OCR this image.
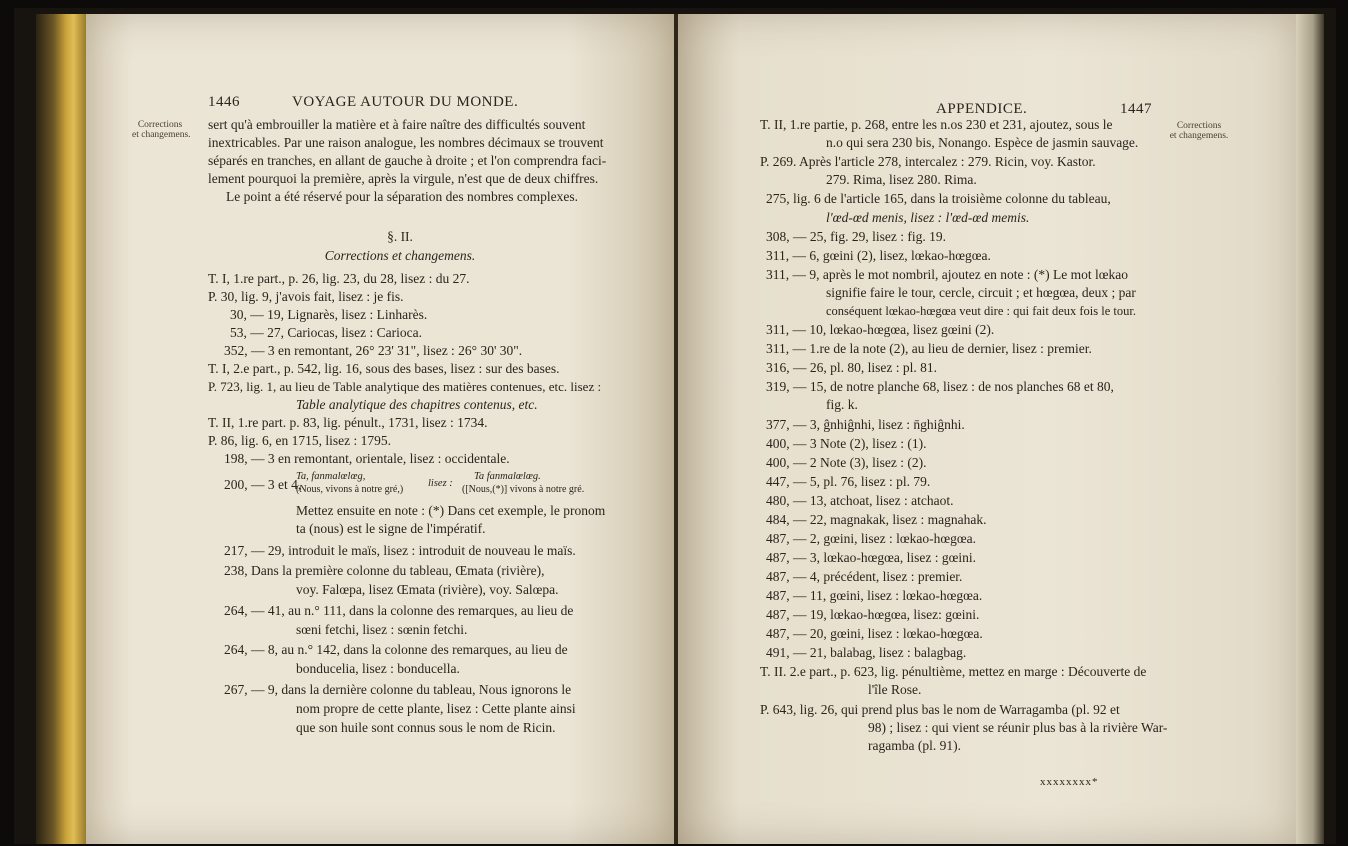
Corrections
et changemens.
1446	VOYAGE AUTOUR DU MONDE.
sert qu'à embrouiller la matière et à faire naître des difficultés souvent
inextricables. Par une raison analogue, les nombres décimaux se trouvent
séparés en tranches, en allant de gauche à droite ; et l'on comprendra faci-
lement pourquoi la première, après la virgule, n'est que de deux chiffres.
Le point a été réservé pour la séparation des nombres complexes.
§. II.
Corrections et changemens.
T. I, 1.re part., p. 26, lig. 23, du 28, lisez : du 27.
P. 30, lig. 9, j'avois fait, lisez : je fis.
30, — 19, Lignarès, lisez : Linharès.
53, — 27, Cariocas, lisez : Carioca.
352, — 3 en remontant, 26° 23' 31", lisez : 26° 30' 30".
T. I, 2.e part., p. 542, lig. 16, sous des bases, lisez : sur des bases.
P. 723, lig. 1, au lieu de Table analytique des matières contenues, etc. lisez :
Table analytique des chapitres contenus, etc.
T. II, 1.re part. p. 83, lig. pénult., 1731, lisez : 1734.
P. 86, lig. 6, en 1715, lisez : 1795.
198, — 3 en remontant, orientale, lisez : occidentale.
200, — 3 et 4,
Ta, fanmalœlœg,
(Nous, vivons à notre gré,)
lisez :
Ta fanmalœlœg.
([Nous,(*)] vivons à notre gré.
Mettez ensuite en note : (*) Dans cet exemple, le pronom
ta (nous) est le signe de l'impératif.
217, — 29, introduit le maïs, lisez : introduit de nouveau le maïs.
238, Dans la première colonne du tableau, Œmata (rivière),
voy. Falœpa, lisez Œmata (rivière), voy. Salœpa.
264, — 41, au n.° 111, dans la colonne des remarques, au lieu de
sœni fetchi, lisez : sœnin fetchi.
264, — 8, au n.° 142, dans la colonne des remarques, au lieu de
bonducelia, lisez : bonducella.
267, — 9, dans la dernière colonne du tableau, Nous ignorons le
nom propre de cette plante, lisez : Cette plante ainsi
que son huile sont connus sous le nom de Ricin.
APPENDICE.	1447
Corrections
et changemens.
T. II, 1.re partie, p. 268, entre les n.os 230 et 231, ajoutez, sous le
n.o qui sera 230 bis, Nonango. Espèce de jasmin sauvage.
P. 269. Après l'article 278, intercalez : 279. Ricin, voy. Kastor.
279. Rima, lisez 280. Rima.
275, lig. 6 de l'article 165, dans la troisième colonne du tableau,
l'œd-œd menis, lisez : l'œd-œd memis.
308, — 25, fig. 29, lisez : fig. 19.
311, — 6, gœini (2), lisez, lœkao-hœgœa.
311, — 9, après le mot nombril, ajoutez en note : (*) Le mot lœkao
signifie faire le tour, cercle, circuit ; et hœgœa, deux ; par
conséquent lœkao-hœgœa veut dire : qui fait deux fois le tour.
311, — 10, lœkao-hœgœa, lisez gœini (2).
311, — 1.re de la note (2), au lieu de dernier, lisez : premier.
316, — 26, pl. 80, lisez : pl. 81.
319, — 15, de notre planche 68, lisez : de nos planches 68 et 80,
fig. k.
377, — 3, ĝnhiĝnhi, lisez : n̄ghiĝnhi.
400, — 3 Note (2), lisez : (1).
400, — 2 Note (3), lisez : (2).
447, — 5, pl. 76, lisez : pl. 79.
480, — 13, atchoat, lisez : atchaot.
484, — 22, magnakak, lisez : magnahak.
487, — 2, gœini, lisez : lœkao-hœgœa.
487, — 3, lœkao-hœgœa, lisez : gœini.
487, — 4, précédent, lisez : premier.
487, — 11, gœini, lisez : lœkao-hœgœa.
487, — 19, lœkao-hœgœa, lisez: gœini.
487, — 20, gœini, lisez : lœkao-hœgœa.
491, — 21, balabag, lisez : balagbag.
T. II. 2.e part., p. 623, lig. pénultième, mettez en marge : Découverte de
l'île Rose.
P. 643, lig. 26, qui prend plus bas le nom de Warragamba (pl. 92 et
98) ; lisez : qui vient se réunir plus bas à la rivière War-
ragamba (pl. 91).
xxxxxxxx*
